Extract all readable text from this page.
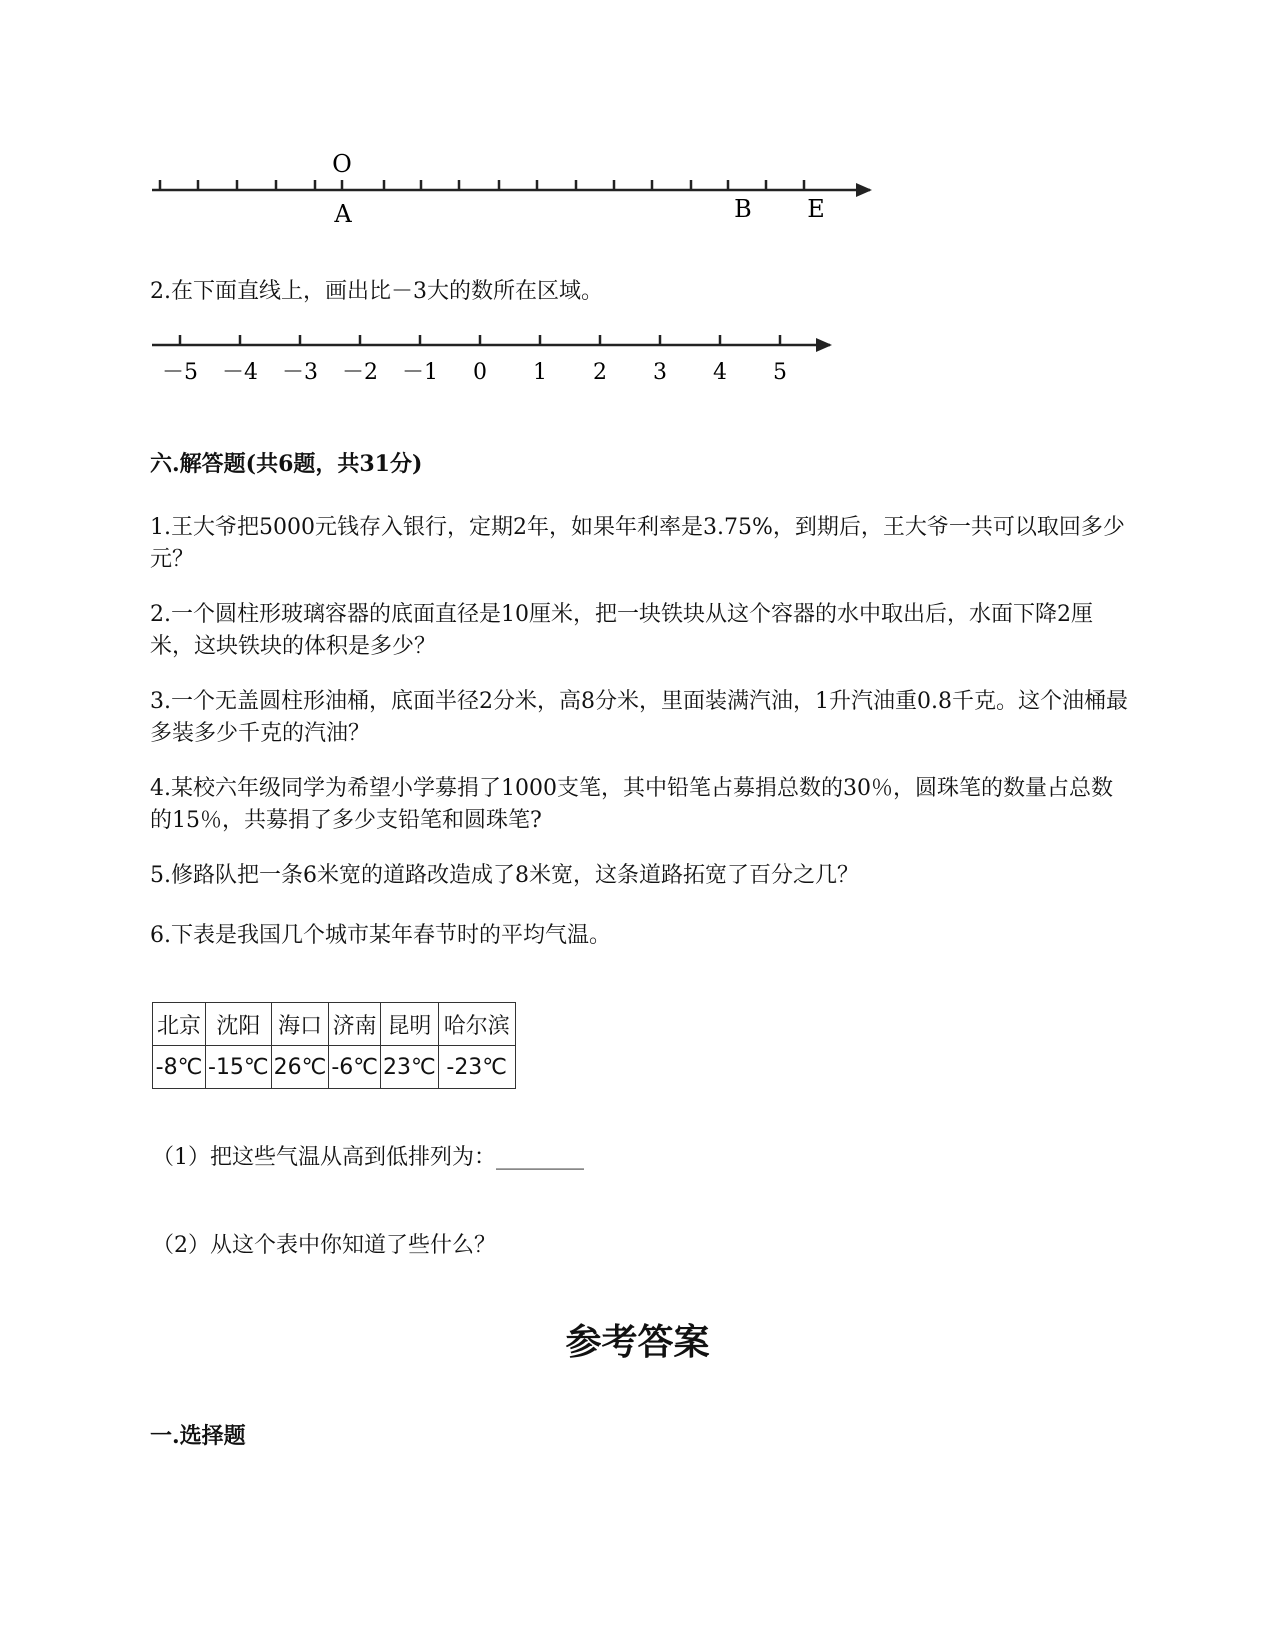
O
A	B E
2.在下面直线上，画出比－3大的数所在区域。
－5 －4 －3 －2 －1 0 1 2 3 4 5
六.解答题(共6题，共31分)
1.王大爷把5000元钱存入银行，定期2年，如果年利率是3.75%，到期后，王大爷一共可以取回多少元？
2.一个圆柱形玻璃容器的底面直径是10厘米，把一块铁块从这个容器的水中取出后，水面下降2厘米，这块铁块的体积是多少？
3.一个无盖圆柱形油桶，底面半径2分米，高8分米，里面装满汽油，1升汽油重0.8千克。这个油桶最多装多少千克的汽油？
4.某校六年级同学为希望小学募捐了1000支笔，其中铅笔占募捐总数的30％，圆珠笔的数量占总数的15％，共募捐了多少支铅笔和圆珠笔?
5.修路队把一条6米宽的道路改造成了8米宽，这条道路拓宽了百分之几？
6.下表是我国几个城市某年春节时的平均气温。
北京	沈阳	海口	济南	昆明	哈尔滨
-8℃	-15℃	26℃	-6℃	23℃	-23℃
（1）把这些气温从高到低排列为：________
（2）从这个表中你知道了些什么？
参考答案
一.选择题
